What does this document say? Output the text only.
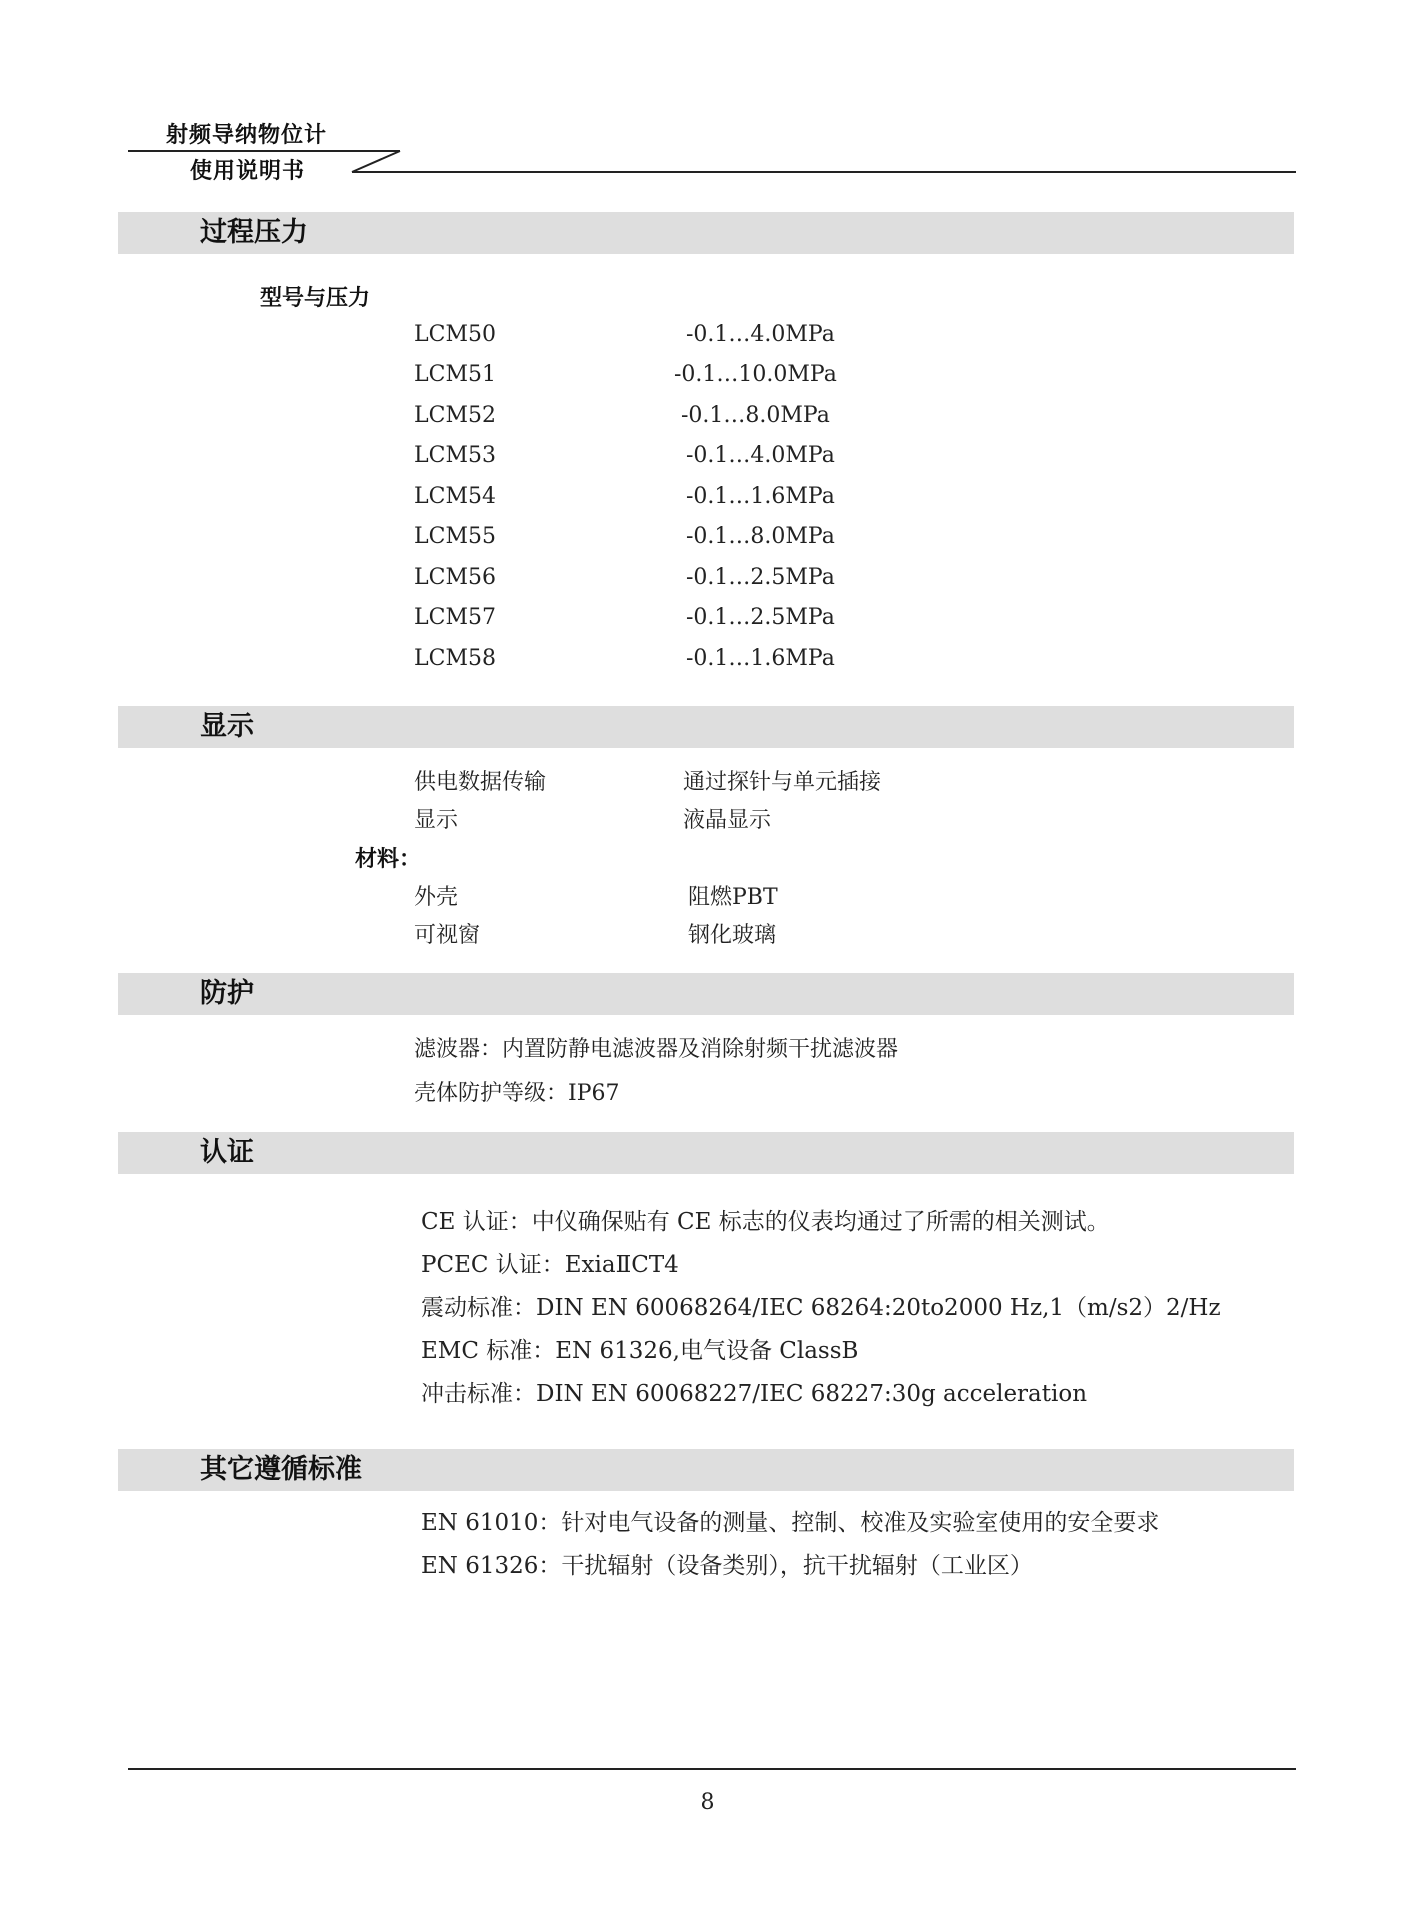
射频导纳物位计
使用说明书
过程压力
型号与压力
LCM50	-0.1…4.0MPa
LCM51	-0.1…10.0MPa
LCM52	-0.1…8.0MPa
LCM53	-0.1…4.0MPa
LCM54	-0.1…1.6MPa
LCM55	-0.1…8.0MPa
LCM56	-0.1…2.5MPa
LCM57	-0.1…2.5MPa
LCM58	-0.1…1.6MPa
显示
供电数据传输	通过探针与单元插接
显示	液晶显示
材料：
外壳	阻燃PBT
可视窗	钢化玻璃
防护
滤波器：内置防静电滤波器及消除射频干扰滤波器
壳体防护等级：IP67
认证
CE 认证：中仪确保贴有 CE 标志的仪表均通过了所需的相关测试。
PCEC 认证：ExiaⅡCT4
震动标准：DIN EN 60068264/IEC 68264:20to2000 Hz,1（m/s2）2/Hz
EMC 标准：EN 61326,电气设备 ClassB
冲击标准：DIN EN 60068227/IEC 68227:30g acceleration
其它遵循标准
EN 61010：针对电气设备的测量、控制、校准及实验室使用的安全要求
EN 61326：干扰辐射（设备类别），抗干扰辐射（工业区）
8
